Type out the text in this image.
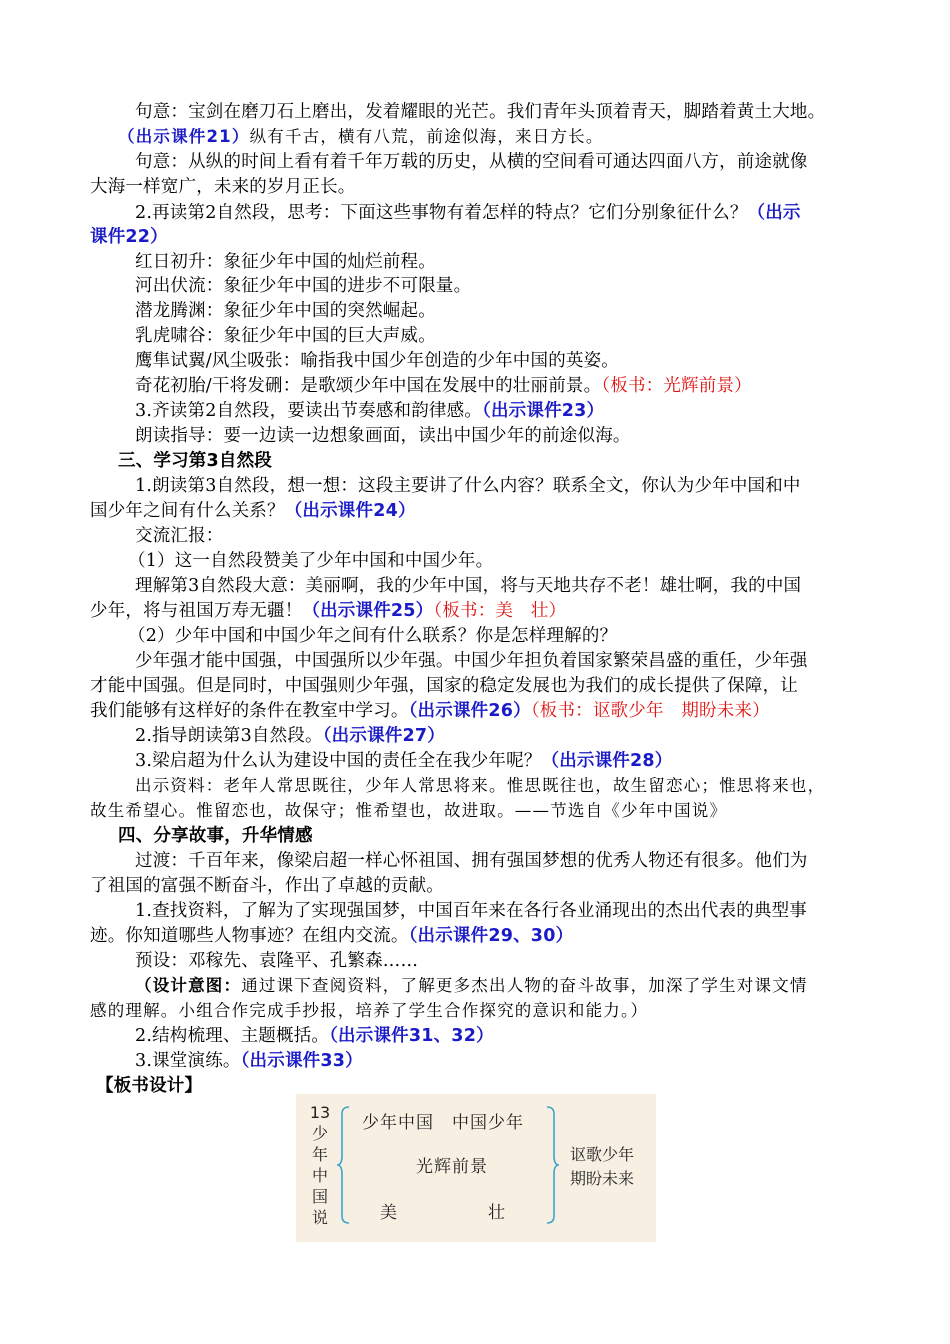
句意：宝剑在磨刀石上磨出，发着耀眼的光芒。我们青年头顶着青天，脚踏着黄土大地。
（出示课件21）纵有千古，横有八荒，前途似海，来日方长。
句意：从纵的时间上看有着千年万载的历史，从横的空间看可通达四面八方，前途就像
大海一样宽广，未来的岁月正长。
2.再读第2自然段，思考：下面这些事物有着怎样的特点？它们分别象征什么？（出示
课件22）
红日初升：象征少年中国的灿烂前程。
河出伏流：象征少年中国的进步不可限量。
潜龙腾渊：象征少年中国的突然崛起。
乳虎啸谷：象征少年中国的巨大声威。
鹰隼试翼/风尘吸张：喻指我中国少年创造的少年中国的英姿。
奇花初胎/干将发硎：是歌颂少年中国在发展中的壮丽前景。（板书：光辉前景）
3.齐读第2自然段，要读出节奏感和韵律感。（出示课件23）
朗读指导：要一边读一边想象画面，读出中国少年的前途似海。
三、学习第3自然段
1.朗读第3自然段，想一想：这段主要讲了什么内容？联系全文，你认为少年中国和中
国少年之间有什么关系？（出示课件24）
交流汇报：
（1）这一自然段赞美了少年中国和中国少年。
理解第3自然段大意：美丽啊，我的少年中国，将与天地共存不老！雄壮啊，我的中国
少年，将与祖国万寿无疆！（出示课件25）（板书：美　壮）
（2）少年中国和中国少年之间有什么联系？你是怎样理解的？
少年强才能中国强，中国强所以少年强。中国少年担负着国家繁荣昌盛的重任，少年强
才能中国强。但是同时，中国强则少年强，国家的稳定发展也为我们的成长提供了保障，让
我们能够有这样好的条件在教室中学习。（出示课件26）（板书：讴歌少年　期盼未来）
2.指导朗读第3自然段。（出示课件27）
3.梁启超为什么认为建设中国的责任全在我少年呢？（出示课件28）
出示资料：老年人常思既往，少年人常思将来。惟思既往也，故生留恋心；惟思将来也，
故生希望心。惟留恋也，故保守；惟希望也，故进取。——节选自《少年中国说》
四、分享故事，升华情感
过渡：千百年来，像梁启超一样心怀祖国、拥有强国梦想的优秀人物还有很多。他们为
了祖国的富强不断奋斗，作出了卓越的贡献。
1.查找资料，了解为了实现强国梦，中国百年来在各行各业涌现出的杰出代表的典型事
迹。你知道哪些人物事迹？在组内交流。（出示课件29、30）
预设：邓稼先、袁隆平、孔繁森……
（设计意图：通过课下查阅资料，了解更多杰出人物的奋斗故事，加深了学生对课文情
感的理解。小组合作完成手抄报，培养了学生合作探究的意识和能力。）
2.结构梳理、主题概括。（出示课件31、32）
3.课堂演练。（出示课件33）
【板书设计】
13少年中国说
少年中国　中国少年
光辉前景
美	壮
讴歌少年
期盼未来
